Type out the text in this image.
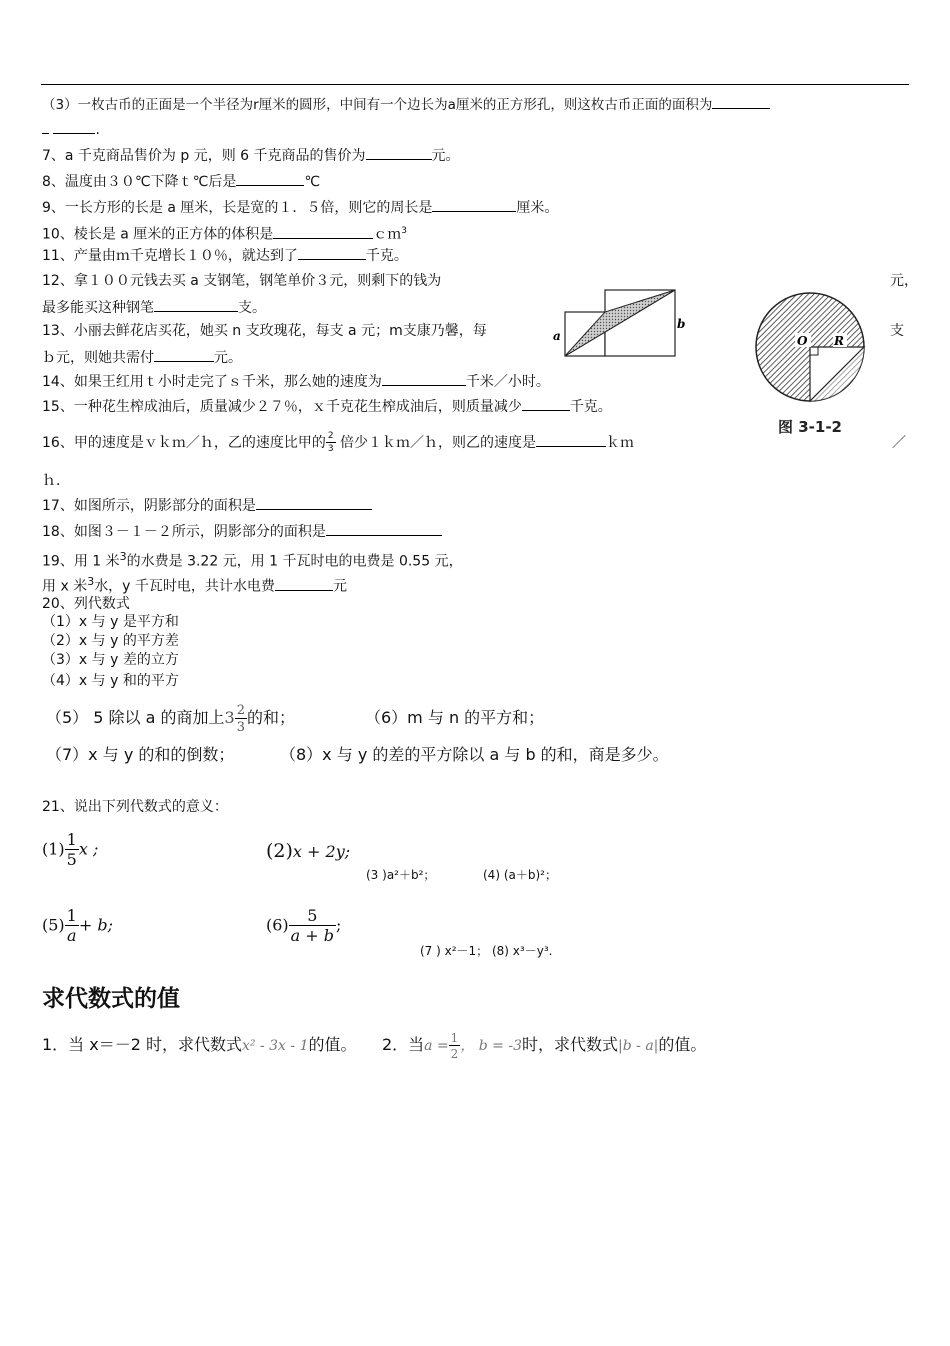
（3）一枚古币的正面是一个半径为r厘米的圆形，中间有一个边长为a厘米的正方形孔，则这枚古币正面的面积为
.
7、a 千克商品售价为 p 元，则 6 千克商品的售价为	元。
8、温度由３０℃下降ｔ℃后是	℃
9、一长方形的长是 a 厘米，长是宽的１．５倍，则它的周长是	厘米。
10、棱长是 a 厘米的正方体的体积是	ｃｍ$^3$
11、产量由ｍ千克增长１０％，就达到了	千克。
12、拿１００元钱去买 a 支钢笔，钢笔单价３元，则剩下的钱为	元，
最多能买这种钢笔	支。
13、小丽去鲜花店买花，她买 n 支玫瑰花，每支 a 元；m支康乃馨，每	支
ｂ元，则她共需付	元。
14、如果王红用ｔ小时走完了ｓ千米，那么她的速度为	千米／小时。
15、一种花生榨成油后，质量减少２７％，ｘ千克花生榨成油后，则质量减少	千克。
16、甲的速度是ｖｋｍ／ｈ，乙的速度比甲的 $\frac{2}{3}$ 倍少１ｋｍ／ｈ，则乙的速度是	ｋｍ	／
ｈ．
17、如图所示，阴影部分的面积是
18、如图３－１－２所示，阴影部分的面积是
19、用 1 米$^3$的水费是 3.22 元，用 1 千瓦时电的电费是 0.55 元，
用 x 米$^3$水，y 千瓦时电，共计水电费	元
20、列代数式
（1）x 与 y 是平方和
（2）x 与 y 的平方差
（3）x 与 y 差的立方
（4）x 与 y 和的平方
（5） 5 除以 a 的商加上$3 \frac{2}{3}$ 的和；	（6）m 与 n 的平方和；
（7）x 与 y 的和的倒数；	（8）x 与 y 的差的平方除以 a 与 b 的和，商是多少。
21、说出下列代数式的意义：
$(1) \frac{1}{5}$ x ;	(2)x + 2y;
(3 )a²＋b²；	(4) (a＋b)²；
$(5) \frac{1}{a} + b$;	$(6) \frac{5}{a + b}$ ;
(7 ) x²－1； (8) x³－y³.
求代数式的值
1．当 x＝－2 时，求代数式x² - 3x - 1的值。 2．当$a = \frac{1}{2}$ ， b = -3时，求代数式|b - a|的值。
a
b
O R
图 3-1-2
